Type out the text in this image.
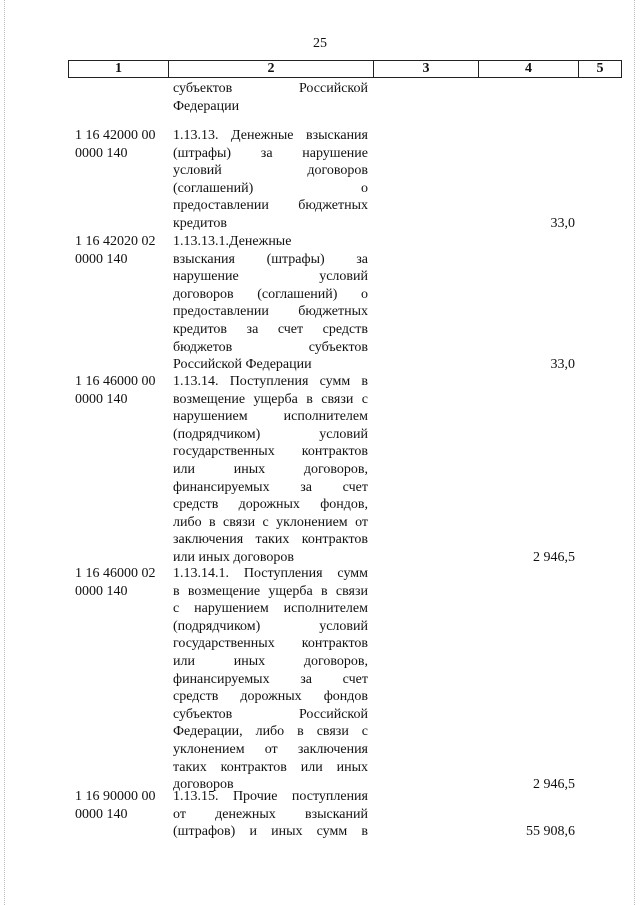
25
1	2	3	4	5
субъектов Российской
Федерации
1 16 42000 00
0000 140
1.13.13. Денежные взыскания
(штрафы) за нарушение
условий договоров
(соглашений) о
предоставлении бюджетных
кредитов	33,0
1 16 42020 02
0000 140
1.13.13.1.Денежные
взыскания (штрафы) за
нарушение условий
договоров (соглашений) о
предоставлении бюджетных
кредитов за счет средств
бюджетов субъектов
Российской Федерации	33,0
1 16 46000 00
0000 140
1.13.14. Поступления сумм в
возмещение ущерба в связи с
нарушением исполнителем
(подрядчиком) условий
государственных контрактов
или иных договоров,
финансируемых за счет
средств дорожных фондов,
либо в связи с уклонением от
заключения таких контрактов
или иных договоров	2 946,5
1 16 46000 02
0000 140
1.13.14.1. Поступления сумм
в возмещение ущерба в связи
с нарушением исполнителем
(подрядчиком) условий
государственных контрактов
или иных договоров,
финансируемых за счет
средств дорожных фондов
субъектов Российской
Федерации, либо в связи с
уклонением от заключения
таких контрактов или иных
договоров	2 946,5
1 16 90000 00
0000 140
1.13.15. Прочие поступления
от денежных взысканий
(штрафов) и иных сумм в	55 908,6
